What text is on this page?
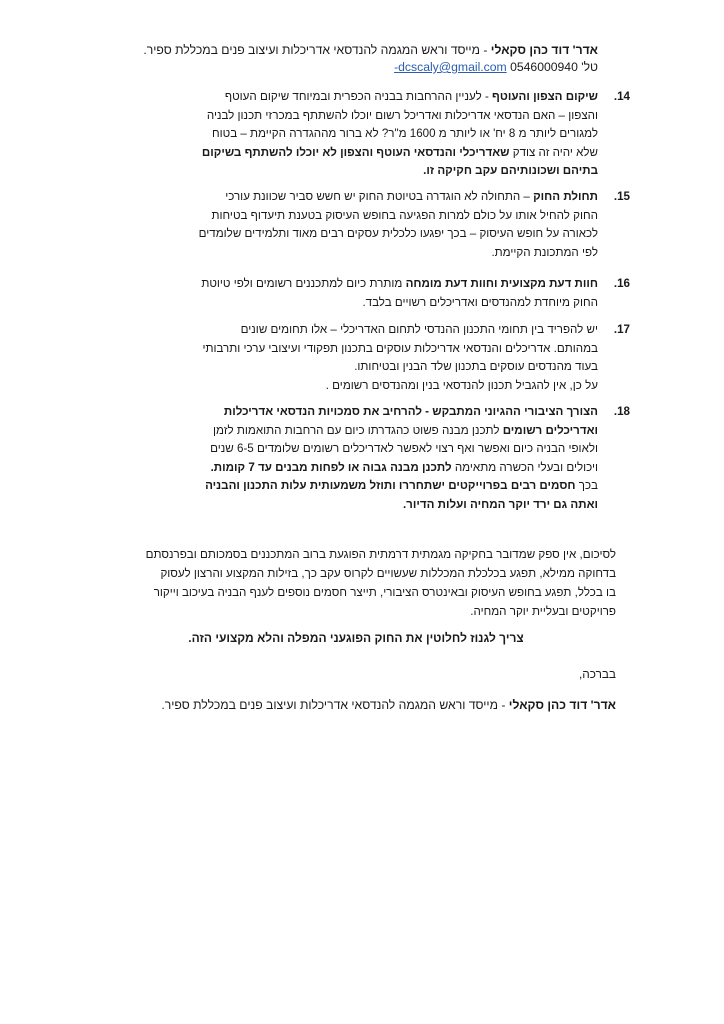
אדר' דוד כהן סקאלי - מייסד וראש המגמה להנדסאי אדריכלות ועיצוב פנים במכללת ספיר.
טל' 0546000940 dcscaly@gmail.com-
14.
שיקום הצפון והעוטף - לעניין ההרחבות בבניה הכפרית ובמיוחד שיקום העוטף
והצפון – האם הנדסאי אדריכלות ואדריכל רשום יוכלו להשתתף במכרזי תכנון לבניה
למגורים ליותר מ 8 יח' או ליותר מ 1600 מ"ר? לא ברור מההגדרה הקיימת – בטוח
שלא יהיה זה צודק שאדריכלי והנדסאי העוטף והצפון לא יוכלו להשתתף בשיקום
בתיהם ושכונותיהם עקב חקיקה זו.
15.
תחולת החוק – התחולה לא הוגדרה בטיוטת החוק יש חשש סביר שכוונת עורכי
החוק להחיל אותו על כולם למרות הפגיעה בחופש העיסוק בטענת תיעדוף בטיחות
לכאורה על חופש העיסוק – בכך יפגעו כלכלית עסקים רבים מאוד ותלמידים שלומדים
לפי המתכונת הקיימת.
16.
חוות דעת מקצועית וחוות דעת מומחה מותרת כיום למתכננים רשומים ולפי טיוטת
החוק מיוחדת למהנדסים ואדריכלים רשויים בלבד.
17.
יש להפריד בין תחומי התכנון ההנדסי לתחום האדריכלי – אלו תחומים שונים
במהותם. אדריכלים והנדסאי אדריכלות עוסקים בתכנון תפקודי ועיצובי ערכי ותרבותי
בעוד מהנדסים עוסקים בתכנון שלד הבנין ובטיחותו.
על כן, אין להגביל תכנון להנדסאי בנין ומהנדסים רשומים .
18.
הצורך הציבורי ההגיוני המתבקש - להרחיב את סמכויות הנדסאי אדריכלות
ואדריכלים רשומים לתכנן מבנה פשוט כהגדרתו כיום עם הרחבות התואמות לזמן
ולאופי הבניה כיום ואפשר ואף רצוי לאפשר לאדריכלים רשומים שלומדים 6-5 שנים
ויכולים ובעלי הכשרה מתאימה לתכנן מבנה גבוה או לפחות מבנים עד 7 קומות.
בכך חסמים רבים בפרוייקטים ישתחררו ותוזל משמעותית עלות התכנון והבניה
ואתה גם ירד יוקר המחיה ועלות הדיור.
לסיכום, אין ספק שמדובר בחקיקה מגמתית דרמתית הפוגעת ברוב המתכננים בסמכותם ובפרנסתם
בדחוקה ממילא, תפגע בכלכלת המכללות שעשויים לקרוס עקב כך, בזילות המקצוע והרצון לעסוק
בו בכלל, תפגע בחופש העיסוק ובאינטרס הציבורי, תייצר חסמים נוספים לענף הבניה בעיכוב וייקור
פרויקטים ובעליית יוקר המחיה.
צריך לגנוז לחלוטין את החוק הפוגעני המפלה והלא מקצועי הזה.
בברכה,
אדר' דוד כהן סקאלי - מייסד וראש המגמה להנדסאי אדריכלות ועיצוב פנים במכללת ספיר.
